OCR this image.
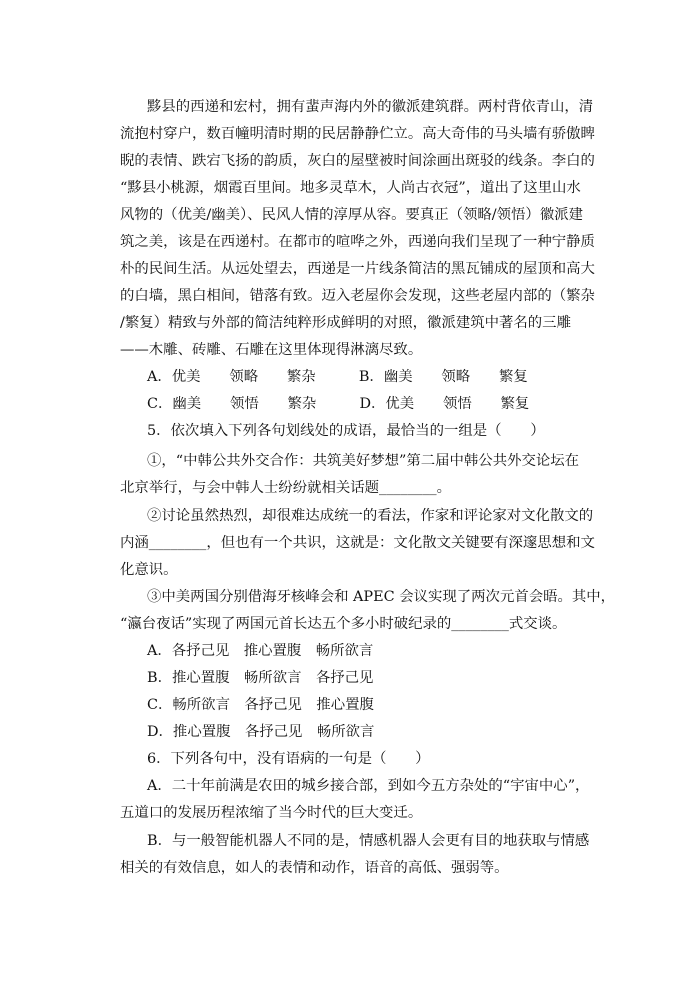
黟县的西递和宏村，拥有蜚声海内外的徽派建筑群。两村背依青山，清
流抱村穿户，数百幢明清时期的民居静静伫立。高大奇伟的马头墙有骄傲睥
睨的表情、跌宕飞扬的韵质，灰白的屋壁被时间涂画出斑驳的线条。李白的
“黟县小桃源，烟霞百里间。地多灵草木，人尚古衣冠”，道出了这里山水
风物的（优美/幽美）、民风人情的淳厚从容。要真正（领略/领悟）徽派建
筑之美，该是在西递村。在都市的喧哗之外，西递向我们呈现了一种宁静质
朴的民间生活。从远处望去，西递是一片线条简洁的黑瓦铺成的屋顶和高大
的白墙，黑白相间，错落有致。迈入老屋你会发现，这些老屋内部的（繁杂
/繁复）精致与外部的简洁纯粹形成鲜明的对照，徽派建筑中著名的三雕
——木雕、砖雕、石雕在这里体现得淋漓尽致。
A．优美　　领略　　繁杂　　　B．幽美　　领略　　繁复
C．幽美　　领悟　　繁杂　　　D．优美　　领悟　　繁复
5．依次填入下列各句划线处的成语，最恰当的一组是（　　）
①，“中韩公共外交合作：共筑美好梦想”第二届中韩公共外交论坛在
北京举行，与会中韩人士纷纷就相关话题________。
②讨论虽然热烈，却很难达成统一的看法，作家和评论家对文化散文的
内涵________，但也有一个共识，这就是：文化散文关键要有深邃思想和文
化意识。
③中美两国分别借海牙核峰会和 APEC 会议实现了两次元首会晤。其中，
“瀛台夜话”实现了两国元首长达五个多小时破纪录的________式交谈。
A．各抒己见　推心置腹　畅所欲言
B．推心置腹　畅所欲言　各抒己见
C．畅所欲言　各抒己见　推心置腹
D．推心置腹　各抒己见　畅所欲言
6．下列各句中，没有语病的一句是（　　）
A．二十年前满是农田的城乡接合部，到如今五方杂处的“宇宙中心”，
五道口的发展历程浓缩了当今时代的巨大变迁。
B．与一般智能机器人不同的是，情感机器人会更有目的地获取与情感
相关的有效信息，如人的表情和动作，语音的高低、强弱等。
